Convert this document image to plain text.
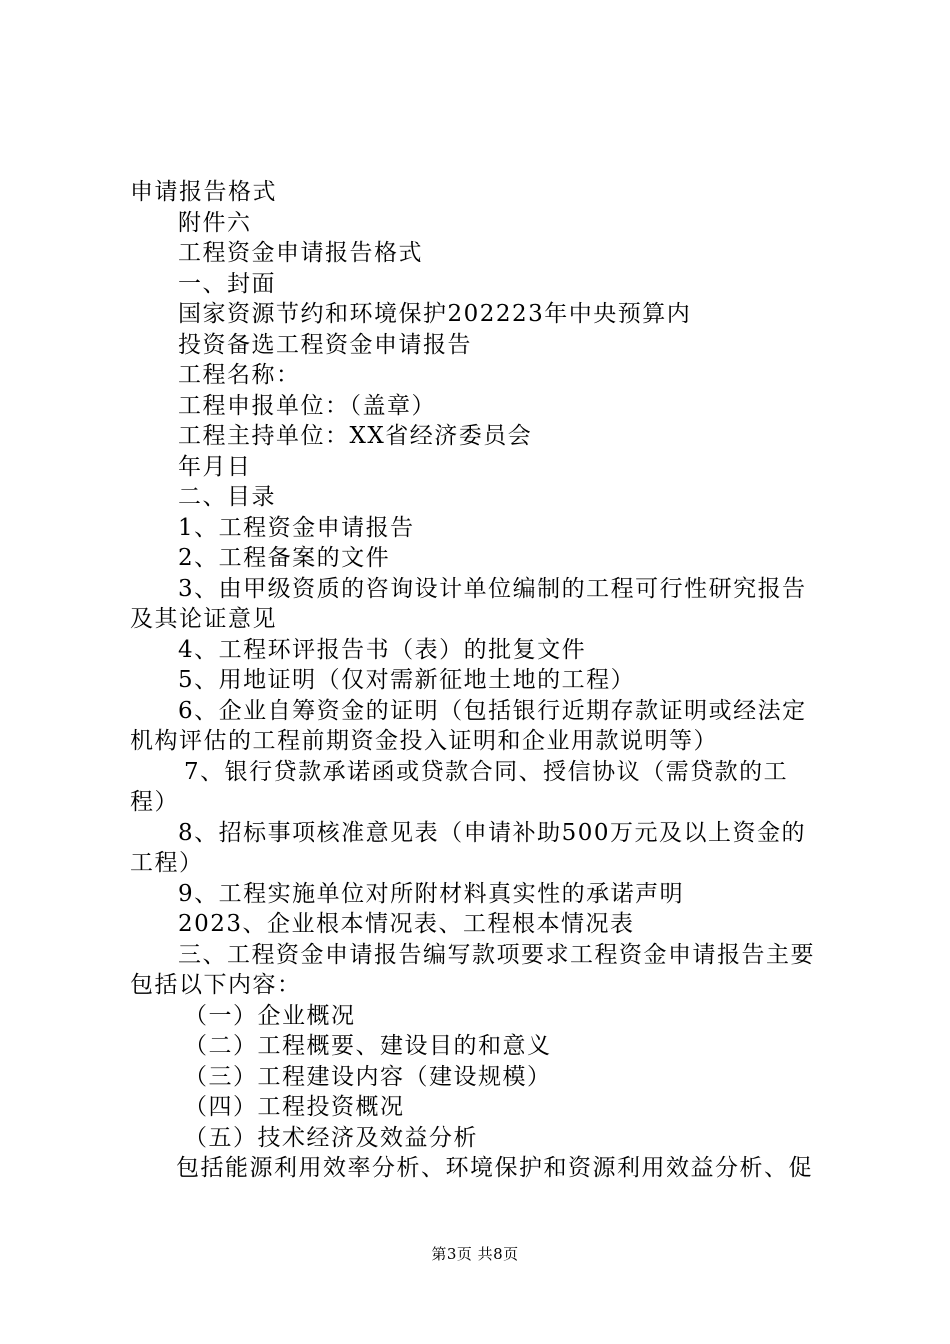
申请报告格式
附件六
工程资金申请报告格式
一、封面
国家资源节约和环境保护202223年中央预算内
投资备选工程资金申请报告
工程名称：
工程申报单位：（盖章）
工程主持单位：XX省经济委员会
年月日
二、目录
1、工程资金申请报告
2、工程备案的文件
3、由甲级资质的咨询设计单位编制的工程可行性研究报告
及其论证意见
4、工程环评报告书（表）的批复文件
5、用地证明（仅对需新征地土地的工程）
6、企业自筹资金的证明（包括银行近期存款证明或经法定
机构评估的工程前期资金投入证明和企业用款说明等）
7、银行贷款承诺函或贷款合同、授信协议（需贷款的工
程）
8、招标事项核准意见表（申请补助500万元及以上资金的
工程）
9、工程实施单位对所附材料真实性的承诺声明
2023、企业根本情况表、工程根本情况表
三、工程资金申请报告编写款项要求工程资金申请报告主要
包括以下内容：
（一）企业概况
（二）工程概要、建设目的和意义
（三）工程建设内容（建设规模）
（四）工程投资概况
（五）技术经济及效益分析
包括能源利用效率分析、环境保护和资源利用效益分析、促
第3页 共8页
